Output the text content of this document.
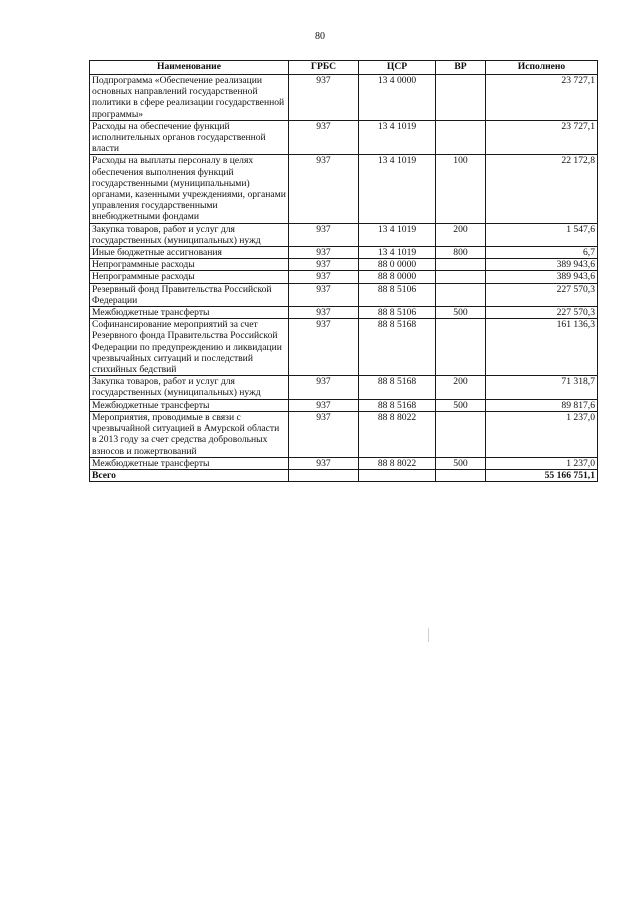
80
Наименование	ГРБС	ЦСР	ВР	Исполнено
Подпрограмма «Обеспечение реализации основных направлений государственной политики в сфере реализации государственной программы»	937	13 4 0000		23 727,1
Расходы на обеспечение функций исполнительных органов государственной власти	937	13 4 1019		23 727,1
Расходы на выплаты персоналу в целях обеспечения выполнения функций государственными (муниципальными) органами, казенными учреждениями, органами управления государственными внебюджетными фондами	937	13 4 1019	100	22 172,8
Закупка товаров, работ и услуг для государственных (муниципальных) нужд	937	13 4 1019	200	1 547,6
Иные бюджетные ассигнования	937	13 4 1019	800	6,7
Непрограммные расходы	937	88 0 0000		389 943,6
Непрограммные расходы	937	88 8 0000		389 943,6
Резервный фонд Правительства Российской Федерации	937	88 8 5106		227 570,3
Межбюджетные трансферты	937	88 8 5106	500	227 570,3
Софинансирование мероприятий за счет Резервного фонда Правительства Российской Федерации по предупреждению и ликвидации чрезвычайных ситуаций и последствий стихийных бедствий	937	88 8 5168		161 136,3
Закупка товаров, работ и услуг для государственных (муниципальных) нужд	937	88 8 5168	200	71 318,7
Межбюджетные трансферты	937	88 8 5168	500	89 817,6
Мероприятия, проводимые в связи с чрезвычайной ситуацией в Амурской области в 2013 году за счет средства добровольных взносов и пожертвований	937	88 8 8022		1 237,0
Межбюджетные трансферты	937	88 8 8022	500	1 237,0
Всего				55 166 751,1
